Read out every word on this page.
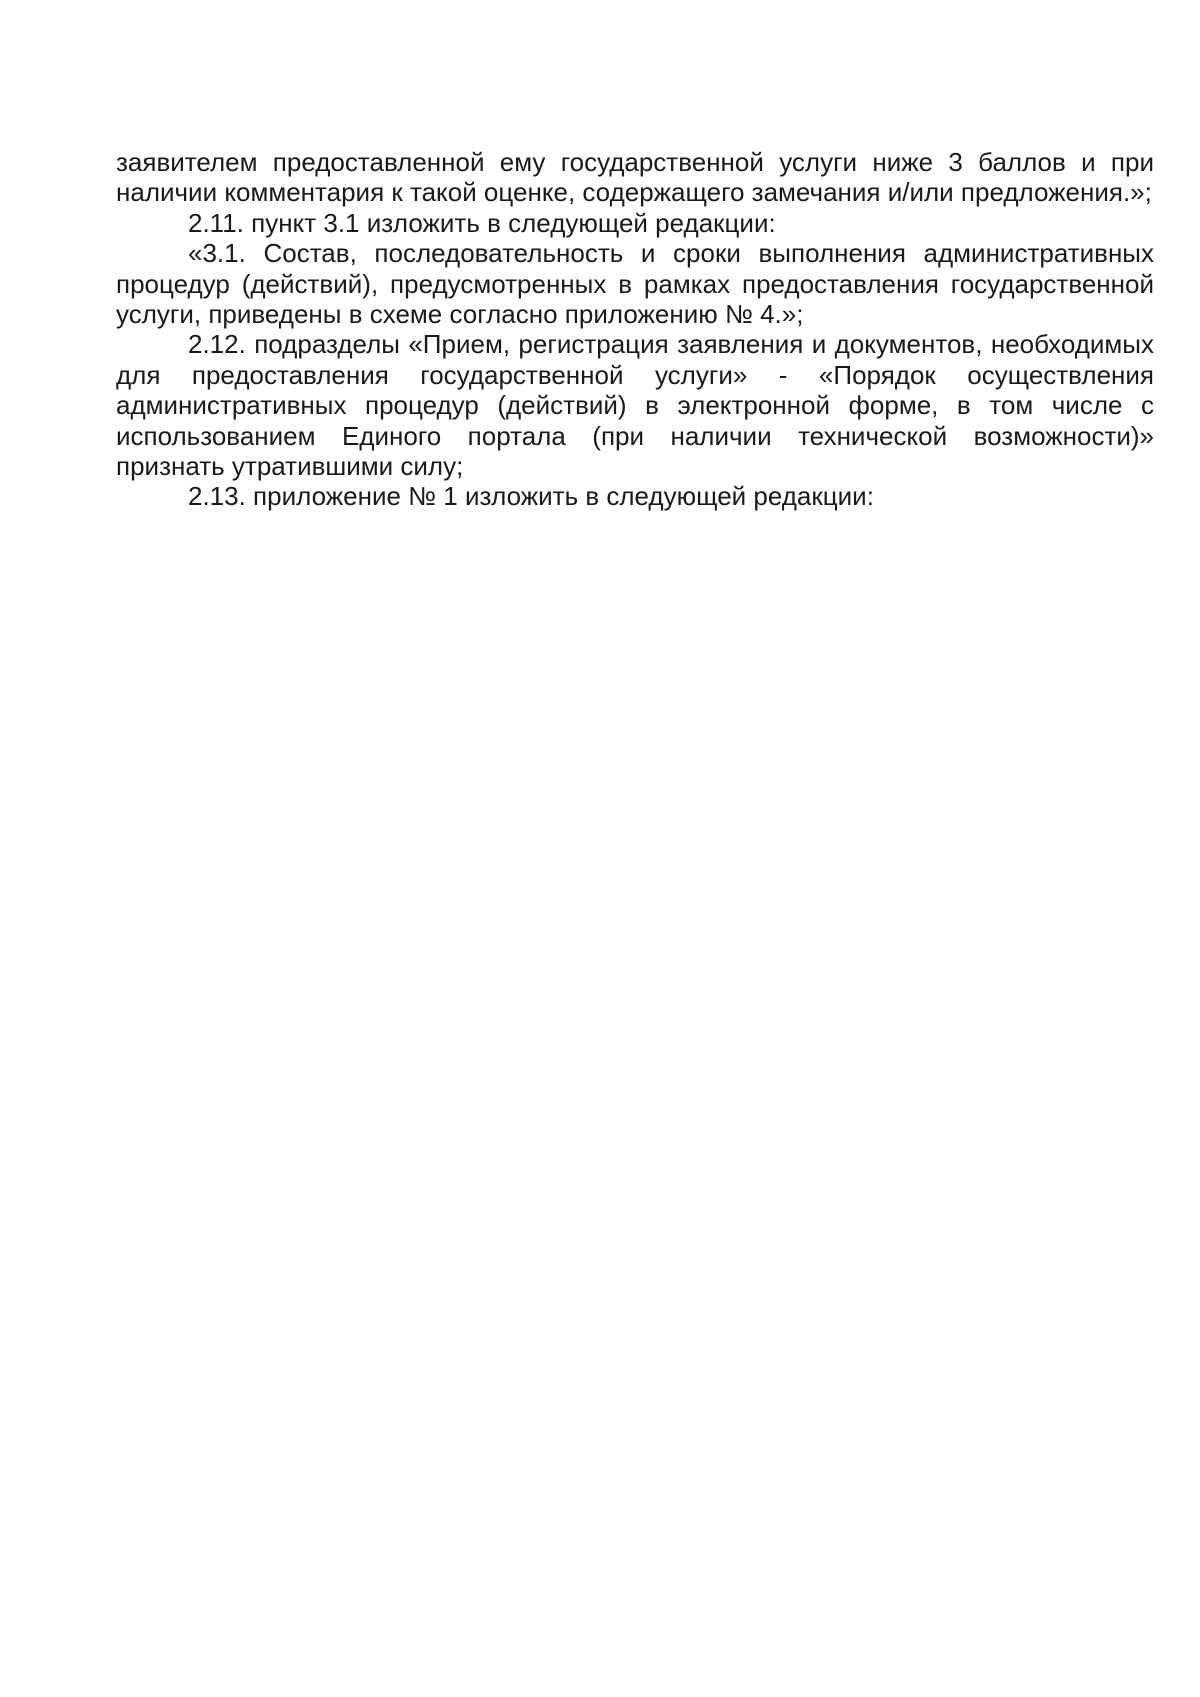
заявителем предоставленной ему государственной услуги ниже 3 баллов и при наличии комментария к такой оценке, содержащего замечания и/или предложения.»;

2.11. пункт 3.1 изложить в следующей редакции:

«3.1. Состав, последовательность и сроки выполнения административных процедур (действий), предусмотренных в рамках предоставления государственной услуги, приведены в схеме согласно приложению № 4.»;

2.12. подразделы «Прием, регистрация заявления и документов, необходимых для предоставления государственной услуги» - «Порядок осуществления административных процедур (действий) в электронной форме, в том числе с использованием Единого портала (при наличии технической возможности)» признать утратившими силу;

2.13. приложение № 1 изложить в следующей редакции:
